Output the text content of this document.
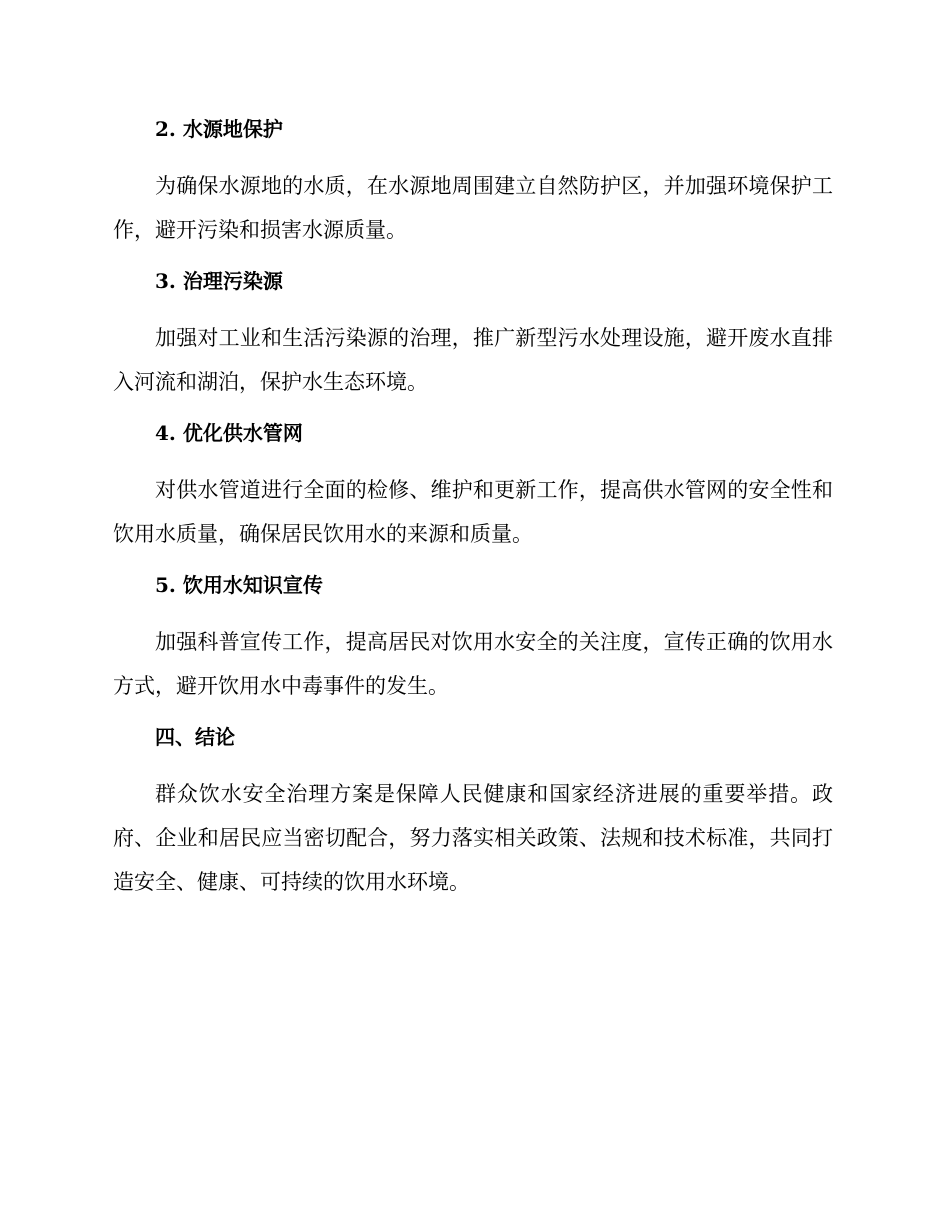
2. 水源地保护

为确保水源地的水质，在水源地周围建立自然防护区，并加强环境保护工作，避开污染和损害水源质量。

3. 治理污染源

加强对工业和生活污染源的治理，推广新型污水处理设施，避开废水直排入河流和湖泊，保护水生态环境。

4. 优化供水管网

对供水管道进行全面的检修、维护和更新工作，提高供水管网的安全性和饮用水质量，确保居民饮用水的来源和质量。

5. 饮用水知识宣传

加强科普宣传工作，提高居民对饮用水安全的关注度，宣传正确的饮用水方式，避开饮用水中毒事件的发生。

四、结论

群众饮水安全治理方案是保障人民健康和国家经济进展的重要举措。政府、企业和居民应当密切配合，努力落实相关政策、法规和技术标准，共同打造安全、健康、可持续的饮用水环境。
